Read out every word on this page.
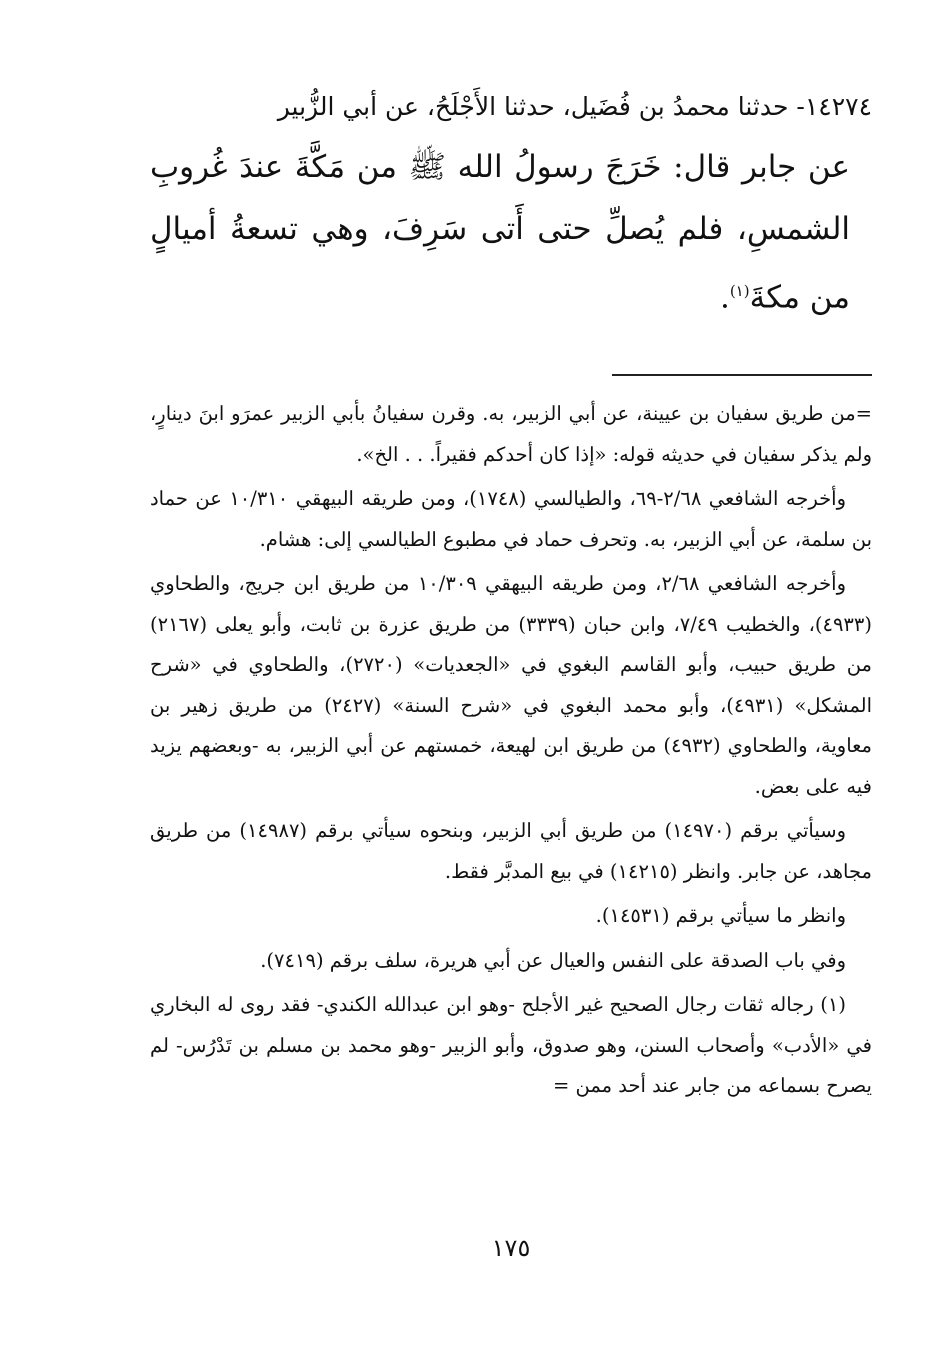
١٤٢٧٤- حدثنا محمدُ بن فُضَيل، حدثنا الأَجْلَحُ، عن أبي الزُّبير

عن جابر قال: خَرَجَ رسولُ الله ﷺ من مَكَّةَ عندَ غُروبِ الشمسِ، فلم يُصلِّ حتى أَتى سَرِفَ، وهي تسعةُ أميالٍ من مكةَ$^{(١)}$.

=من طريق سفيان بن عيينة، عن أبي الزبير، به. وقرن سفيانُ بأبي الزبير عمرَو ابنَ دينارٍ، ولم يذكر سفيان في حديثه قوله: «إذا كان أحدكم فقيراً. . . الخ».

وأخرجه الشافعي ٢/٦٨-٦٩، والطيالسي (١٧٤٨)، ومن طريقه البيهقي ١٠/٣١٠ عن حماد بن سلمة، عن أبي الزبير، به. وتحرف حماد في مطبوع الطيالسي إلى: هشام.

وأخرجه الشافعي ٢/٦٨، ومن طريقه البيهقي ١٠/٣٠٩ من طريق ابن جريج، والطحاوي (٤٩٣٣)، والخطيب ٧/٤٩، وابن حبان (٣٣٣٩) من طريق عزرة بن ثابت، وأبو يعلى (٢١٦٧) من طريق حبيب، وأبو القاسم البغوي في «الجعديات» (٢٧٢٠)، والطحاوي في «شرح المشكل» (٤٩٣١)، وأبو محمد البغوي في «شرح السنة» (٢٤٢٧) من طريق زهير بن معاوية، والطحاوي (٤٩٣٢) من طريق ابن لهيعة، خمستهم عن أبي الزبير، به -وبعضهم يزيد فيه على بعض.

وسيأتي برقم (١٤٩٧٠) من طريق أبي الزبير، وبنحوه سيأتي برقم (١٤٩٨٧) من طريق مجاهد، عن جابر. وانظر (١٤٢١٥) في بيع المدبَّر فقط.

وانظر ما سيأتي برقم (١٤٥٣١).

وفي باب الصدقة على النفس والعيال عن أبي هريرة، سلف برقم (٧٤١٩).

(١) رجاله ثقات رجال الصحيح غير الأجلح -وهو ابن عبدالله الكندي- فقد روى له البخاري في «الأدب» وأصحاب السنن، وهو صدوق، وأبو الزبير -وهو محمد بن مسلم بن تَدْرُس- لم يصرح بسماعه من جابر عند أحد ممن =

١٧٥
